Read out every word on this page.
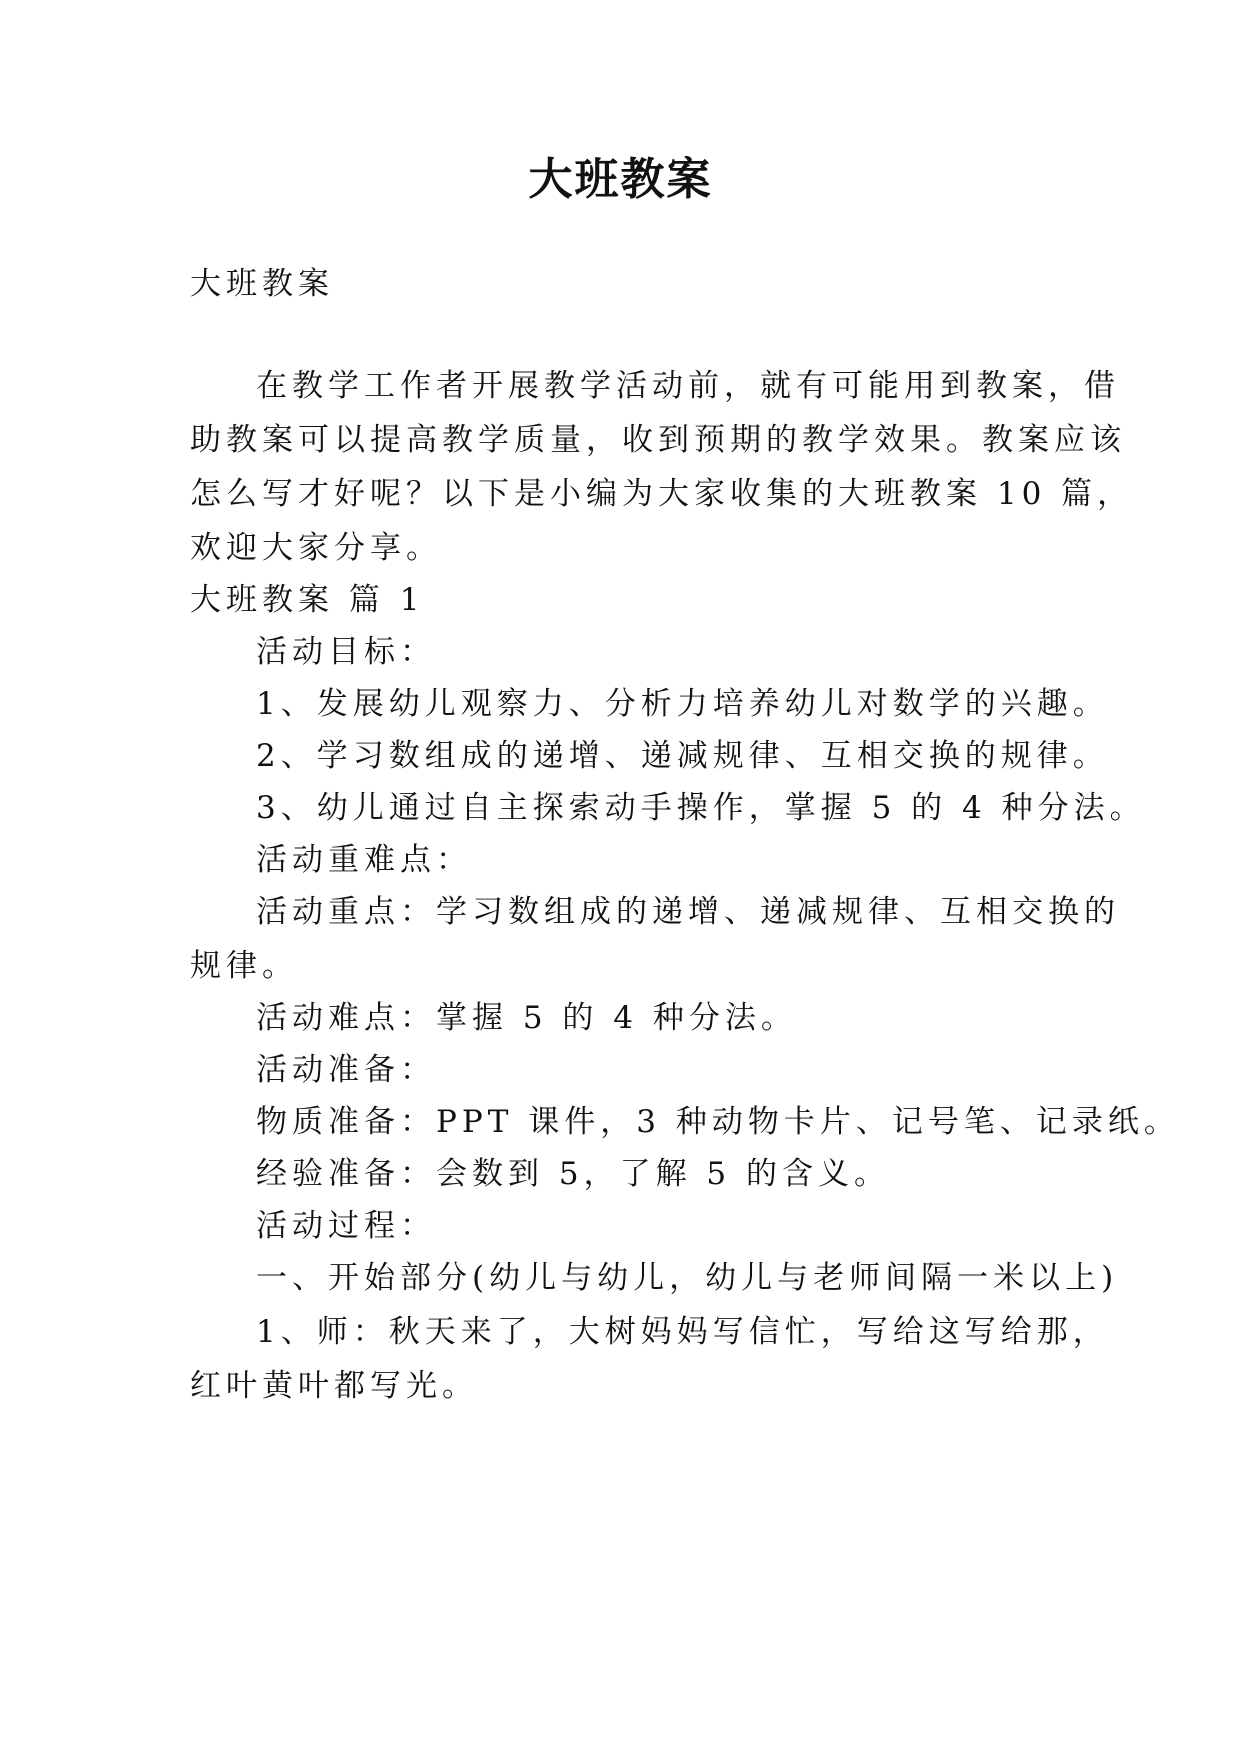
大班教案
大班教案
在教学工作者开展教学活动前，就有可能用到教案，借
助教案可以提高教学质量，收到预期的教学效果。教案应该
怎么写才好呢？以下是小编为大家收集的大班教案 10 篇，
欢迎大家分享。
大班教案 篇 1
活动目标：
1、发展幼儿观察力、分析力培养幼儿对数学的兴趣。
2、学习数组成的递增、递减规律、互相交换的规律。
3、幼儿通过自主探索动手操作，掌握 5 的 4 种分法。
活动重难点：
活动重点：学习数组成的递增、递减规律、互相交换的
规律。
活动难点：掌握 5 的 4 种分法。
活动准备：
物质准备：PPT 课件，3 种动物卡片、记号笔、记录纸。
经验准备：会数到 5，了解 5 的含义。
活动过程：
一、开始部分(幼儿与幼儿，幼儿与老师间隔一米以上)
1、师：秋天来了，大树妈妈写信忙，写给这写给那，
红叶黄叶都写光。
